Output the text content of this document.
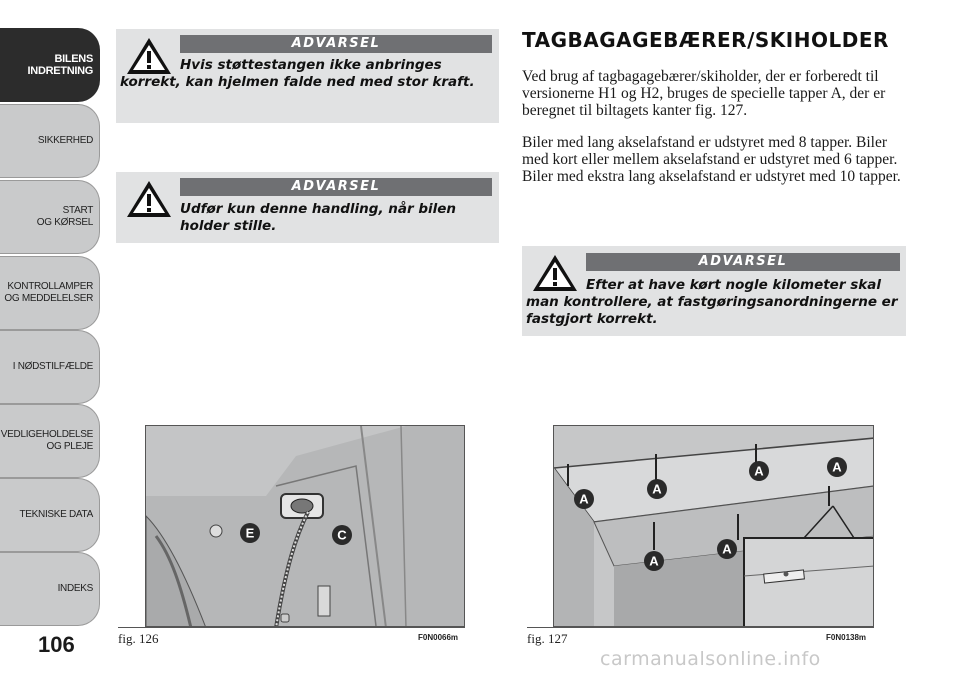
BILENS
INDRETNING
SIKKERHED
START
OG KØRSEL
KONTROLLAMPER
OG MEDDELELSER
I NØDSTILFÆLDE
VEDLIGEHOLDELSE
OG PLEJE
TEKNISKE DATA
INDEKS
106
ADVARSEL
Hvis støttestangen ikke anbringes korrekt, kan hjelmen falde ned med stor kraft.
ADVARSEL
Udfør kun denne handling, når bilen holder stille.
TAGBAGAGEBÆRER/SKIHOLDER
Ved brug af tagbagagebærer/skiholder, der er forberedt til versionerne H1 og H2, bruges de specielle tapper A, der er beregnet til biltagets kanter fig. 127.
Biler med lang akselafstand er udstyret med 8 tapper. Biler med kort eller mellem akselafstand er udstyret med 6 tapper. Biler med ekstra lang akselafstand er udstyret med 10 tapper.
ADVARSEL
Efter at have kørt nogle kilometer skal man kontrollere, at fastgøringsanordningerne er fastgjort korrekt.
E	C
fig. 126	F0N0066m
A
A
A	A
A
A
fig. 127	F0N0138m
carmanualsonline.info
